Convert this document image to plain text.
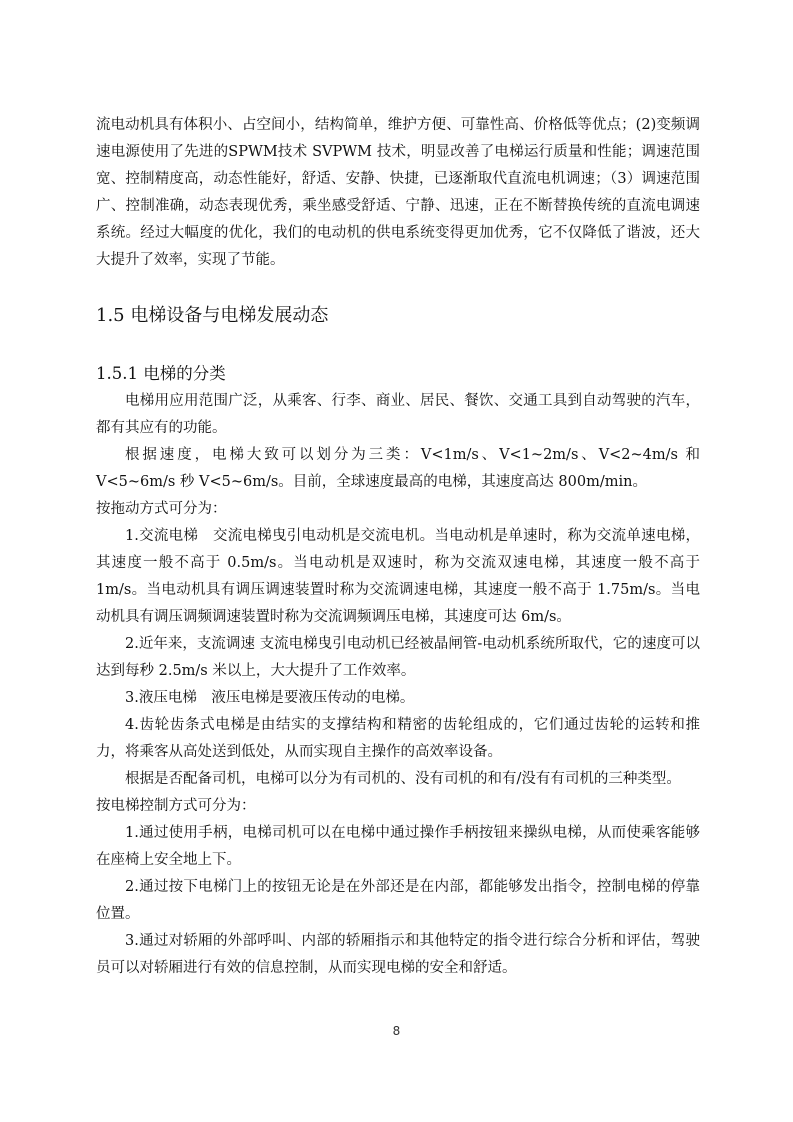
流电动机具有体积小、占空间小，结构简单，维护方便、可靠性高、价格低等优点；(2)变频调速电源使用了先进的SPWM技术 SVPWM 技术，明显改善了电梯运行质量和性能；调速范围宽、控制精度高，动态性能好，舒适、安静、快捷，已逐渐取代直流电机调速；（3）调速范围广、控制准确，动态表现优秀，乘坐感受舒适、宁静、迅速，正在不断替换传统的直流电调速系统。经过大幅度的优化，我们的电动机的供电系统变得更加优秀，它不仅降低了谐波，还大大提升了效率，实现了节能。

1.5 电梯设备与电梯发展动态
1.5.1 电梯的分类

电梯用应用范围广泛，从乘客、行李、商业、居民、餐饮、交通工具到自动驾驶的汽车，都有其应有的功能。

根据速度，电梯大致可以划分为三类：V<1m/s、V<1~2m/s、V<2~4m/s 和 V<5~6m/s 秒 V<5~6m/s。目前，全球速度最高的电梯，其速度高达 800m/min。

按拖动方式可分为：

1.交流电梯　交流电梯曳引电动机是交流电机。当电动机是单速时，称为交流单速电梯，其速度一般不高于 0.5m/s。当电动机是双速时，称为交流双速电梯，其速度一般不高于 1m/s。当电动机具有调压调速装置时称为交流调速电梯，其速度一般不高于 1.75m/s。当电动机具有调压调频调速装置时称为交流调频调压电梯，其速度可达 6m/s。

2.近年来，支流调速 支流电梯曳引电动机已经被晶闸管-电动机系统所取代，它的速度可以达到每秒 2.5m/s 米以上，大大提升了工作效率。

3.液压电梯　液压电梯是要液压传动的电梯。

4.齿轮齿条式电梯是由结实的支撑结构和精密的齿轮组成的，它们通过齿轮的运转和推力，将乘客从高处送到低处，从而实现自主操作的高效率设备。

根据是否配备司机，电梯可以分为有司机的、没有司机的和有/没有有司机的三种类型。

按电梯控制方式可分为：

1.通过使用手柄，电梯司机可以在电梯中通过操作手柄按钮来操纵电梯，从而使乘客能够在座椅上安全地上下。

2.通过按下电梯门上的按钮无论是在外部还是在内部，都能够发出指令，控制电梯的停靠位置。

3.通过对轿厢的外部呼叫、内部的轿厢指示和其他特定的指令进行综合分析和评估，驾驶员可以对轿厢进行有效的信息控制，从而实现电梯的安全和舒适。

8
